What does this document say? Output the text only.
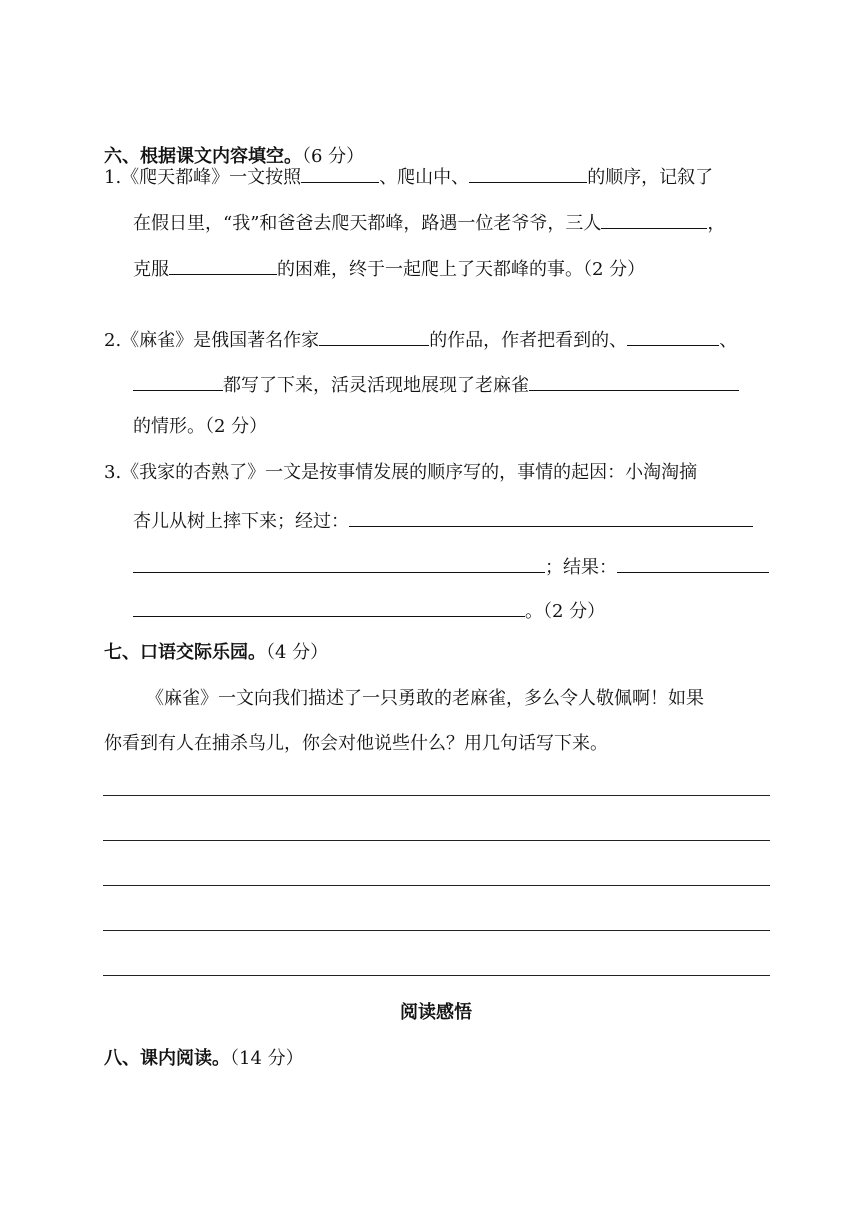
六、根据课文内容填空。（6 分）
1.《爬天都峰》一文按照	、爬山中、	的顺序，记叙了
在假日里，“我”和爸爸去爬天都峰，路遇一位老爷爷，三人	，
克服	的困难，终于一起爬上了天都峰的事。（2 分）
2.《麻雀》是俄国著名作家	的作品，作者把看到的、	、
都写了下来，活灵活现地展现了老麻雀
的情形。（2 分）
3.《我家的杏熟了》一文是按事情发展的顺序写的，事情的起因：小淘淘摘
杏儿从树上摔下来；经过：
；结果：
。（2 分）
七、口语交际乐园。（4 分）
《麻雀》一文向我们描述了一只勇敢的老麻雀，多么令人敬佩啊！如果
你看到有人在捕杀鸟儿，你会对他说些什么？用几句话写下来。
阅读感悟
八、课内阅读。（14 分）
